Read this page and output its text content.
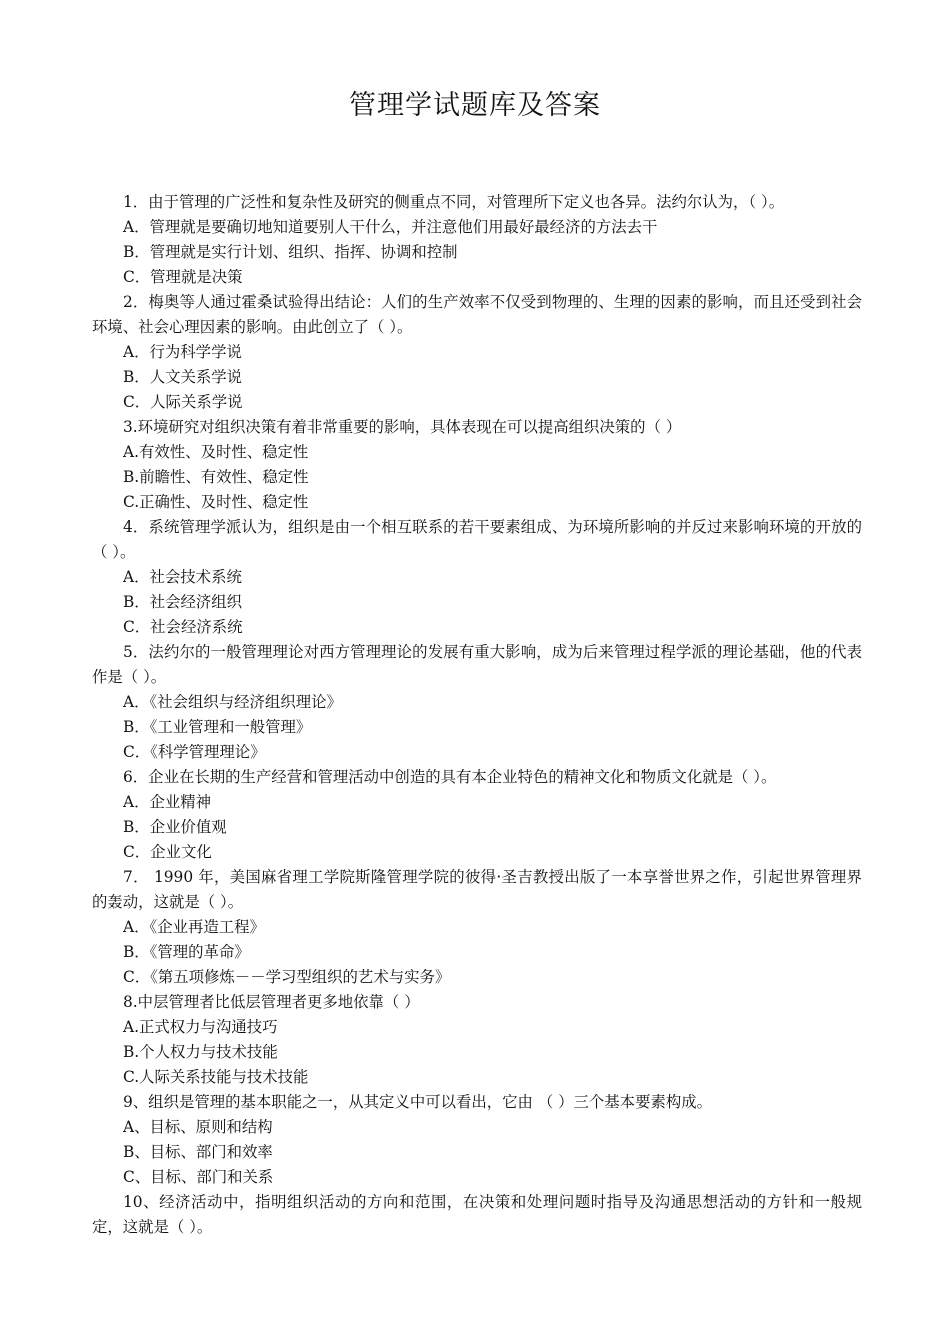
管理学试题库及答案
1．由于管理的广泛性和复杂性及研究的侧重点不同，对管理所下定义也各异。法约尔认为，（ ）。
A．管理就是要确切地知道要别人干什么，并注意他们用最好最经济的方法去干
B．管理就是实行计划、组织、指挥、协调和控制
C．管理就是决策
2．梅奥等人通过霍桑试验得出结论：人们的生产效率不仅受到物理的、生理的因素的影响，而且还受到社会环境、社会心理因素的影响。由此创立了（ ）。
A．行为科学学说
B．人文关系学说
C．人际关系学说
3.环境研究对组织决策有着非常重要的影响，具体表现在可以提高组织决策的（ ）
A.有效性、及时性、稳定性
B.前瞻性、有效性、稳定性
C.正确性、及时性、稳定性
4．系统管理学派认为，组织是由一个相互联系的若干要素组成、为环境所影响的并反过来影响环境的开放的（ ）。
A．社会技术系统
B．社会经济组织
C．社会经济系统
5．法约尔的一般管理理论对西方管理理论的发展有重大影响，成为后来管理过程学派的理论基础，他的代表作是（ ）。
A．《社会组织与经济组织理论》
B．《工业管理和一般管理》
C．《科学管理理论》
6．企业在长期的生产经营和管理活动中创造的具有本企业特色的精神文化和物质文化就是（ ）。
A．企业精神
B．企业价值观
C．企业文化
7． 1990 年，美国麻省理工学院斯隆管理学院的彼得·圣吉教授出版了一本享誉世界之作，引起世界管理界的轰动，这就是（ ）。
A．《企业再造工程》
B．《管理的革命》
C．《第五项修炼－－学习型组织的艺术与实务》
8.中层管理者比低层管理者更多地依靠（ ）
A.正式权力与沟通技巧
B.个人权力与技术技能
C.人际关系技能与技术技能
9、组织是管理的基本职能之一，从其定义中可以看出，它由 （ ）三个基本要素构成。
A、目标、原则和结构
B、目标、部门和效率
C、目标、部门和关系
10、经济活动中，指明组织活动的方向和范围，在决策和处理问题时指导及沟通思想活动的方针和一般规定，这就是（ ）。
